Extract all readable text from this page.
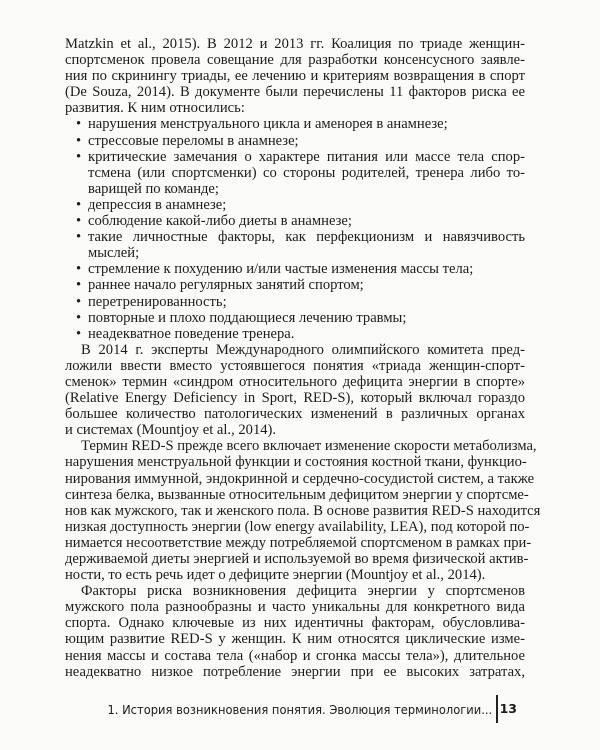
Matzkin et al., 2015). В 2012 и 2013 гг. Коалиция по триаде женщин-
спортсменок провела совещание для разработки консенсусного заявле-
ния по скринингу триады, ее лечению и критериям возвращения в спорт
(De Souza, 2014). В документе были перечислены 11 факторов риска ее
развития. К ним относились:
• нарушения менструального цикла и аменорея в анамнезе;
• стрессовые переломы в анамнезе;
• критические замечания о характере питания или массе тела спор-
тсмена (или спортсменки) со стороны родителей, тренера либо то-
варищей по команде;
• депрессия в анамнезе;
• соблюдение какой-либо диеты в анамнезе;
• такие личностные факторы, как перфекционизм и навязчивость
мыслей;
• стремление к похудению и/или частые изменения массы тела;
• раннее начало регулярных занятий спортом;
• перетренированность;
• повторные и плохо поддающиеся лечению травмы;
• неадекватное поведение тренера.
В 2014 г. эксперты Международного олимпийского комитета пред-
ложили ввести вместо устоявшегося понятия «триада женщин-спорт-
сменок» термин «синдром относительного дефицита энергии в спорте»
(Relative Energy Deficiency in Sport, RED-S), который включал гораздо
большее количество патологических изменений в различных органах
и системах (Mountjoy et al., 2014).
Термин RED-S прежде всего включает изменение скорости метаболизма,
нарушения менструальной функции и состояния костной ткани, функцио-
нирования иммунной, эндокринной и сердечно-сосудистой систем, а также
синтеза белка, вызванные относительным дефицитом энергии у спортсме-
нов как мужского, так и женского пола. В основе развития RED-S находится
низкая доступность энергии (low energy availability, LEA), под которой по-
нимается несоответствие между потребляемой спортсменом в рамках при-
держиваемой диеты энергией и используемой во время физической актив-
ности, то есть речь идет о дефиците энергии (Mountjoy et al., 2014).
Факторы риска возникновения дефицита энергии у спортсменов
мужского пола разнообразны и часто уникальны для конкретного вида
спорта. Однако ключевые из них идентичны факторам, обусловлива-
ющим развитие RED-S у женщин. К ним относятся циклические изме-
нения массы и состава тела («набор и сгонка массы тела»), длительное
неадекватно низкое потребление энергии при ее высоких затратах,
1. История возникновения понятия. Эволюция терминологии... 13
